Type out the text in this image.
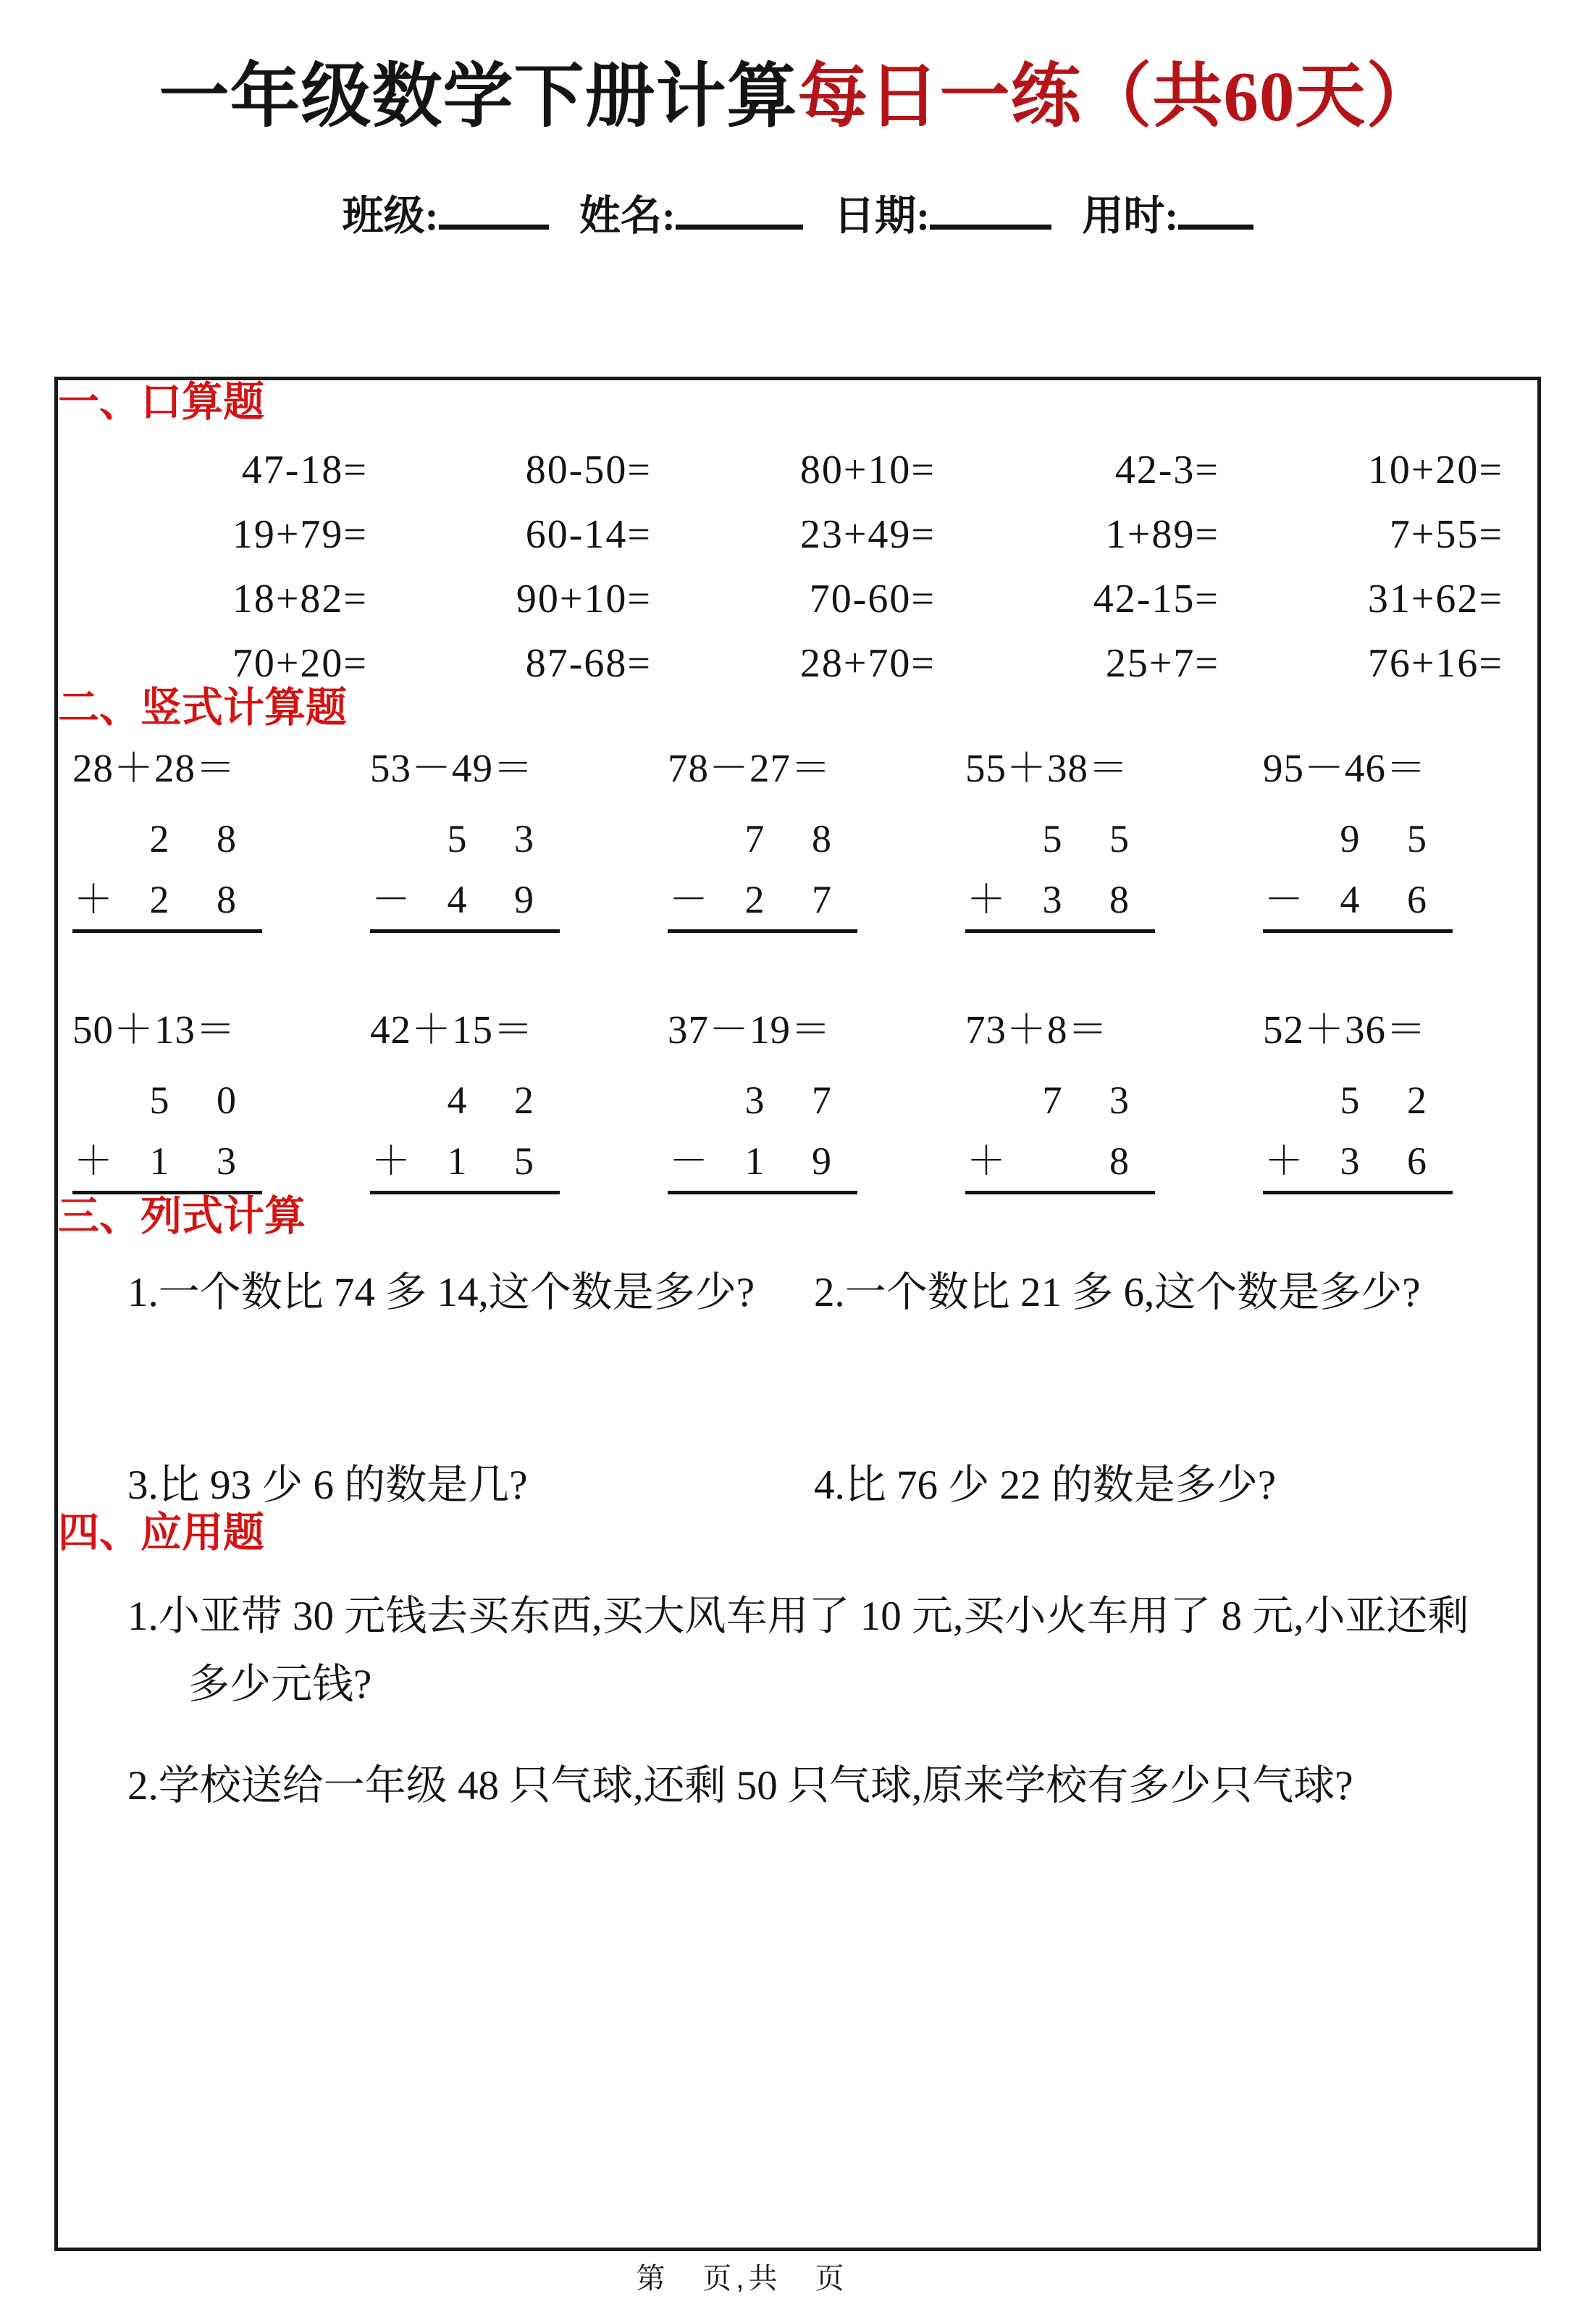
一年级数学下册计算每日一练（共60天）
班级:	姓名:	日期:	用时:
一、口算题
47-18=	80-50=	80+10=	42-3=	10+20=
19+79=	60-14=	23+49=	1+89=	7+55=
18+82=	90+10=	70-60=	42-15=	31+62=
70+20=	87-68=	28+70=	25+7=	76+16=
二、竖式计算题
28＋28＝
2 8
＋ 2 8
53－49＝
5 3
－ 4 9
78－27＝
7 8
－ 2 7
55＋38＝
5 5
＋ 3 8
95－46＝
9 5
－ 4 6
50＋13＝
5 0
＋ 1 3
42＋15＝
4 2
＋ 1 5
37－19＝
3 7
－ 1 9
73＋8＝
7 3
＋	8
52＋36＝
5 2
＋ 3 6
三、列式计算
1.一个数比 74 多 14,这个数是多少?	2.一个数比 21 多 6,这个数是多少?
3.比 93 少 6 的数是几?	4.比 76 少 22 的数是多少?
四、应用题
1.小亚带 30 元钱去买东西,买大风车用了 10 元,买小火车用了 8 元,小亚还剩多少元钱?
2.学校送给一年级 48 只气球,还剩 50 只气球,原来学校有多少只气球?
第　页,共　页
